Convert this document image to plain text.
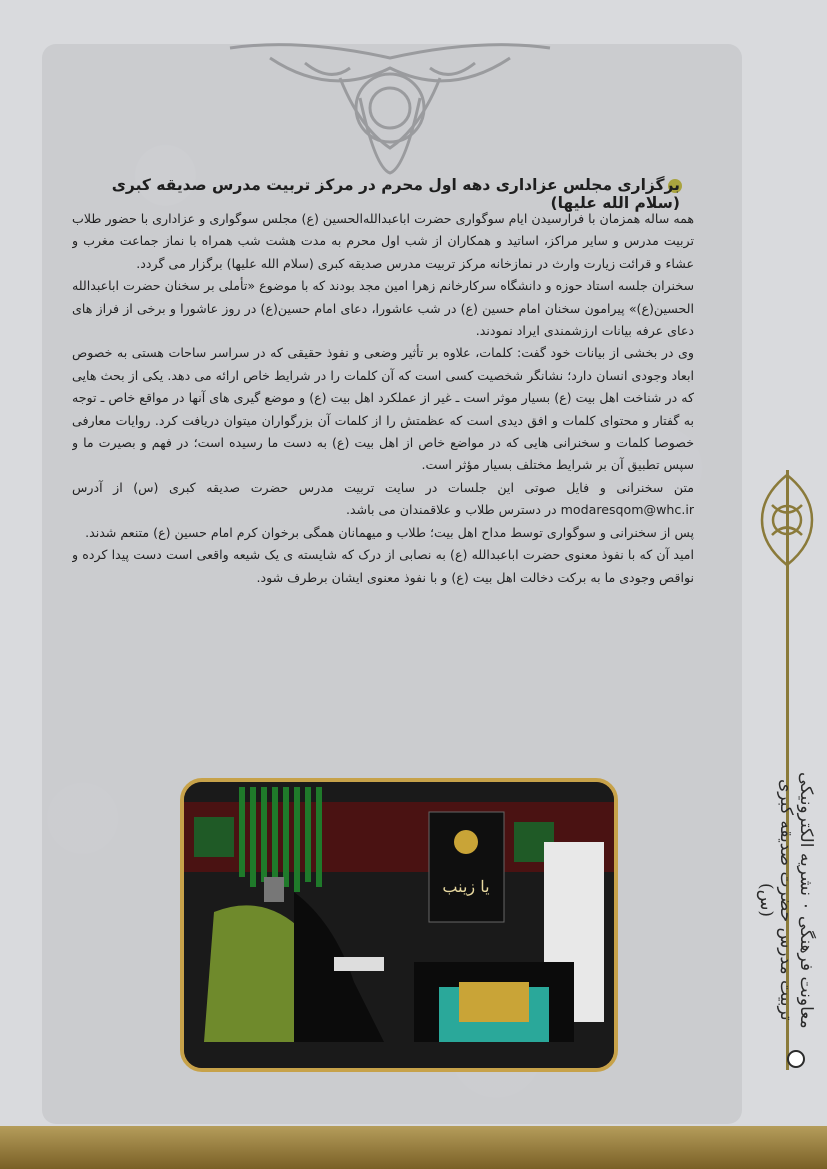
معاونت فرهنگی ۰ نشریه الکترونیکی تربیت مدرس حضرت صدیقه کبری (س)
برگزاری مجلس عزاداری دهه اول محرم در مرکز تربیت مدرس صدیقه کبری (سلام الله علیها)

همه ساله همزمان با فرارسیدن ایام سوگواری حضرت اباعبدالله‌الحسین (ع) مجلس سوگواری و عزاداری با حضور طلاب تربیت مدرس و سایر مراکز، اساتید و همکاران از شب اول محرم به مدت هشت شب همراه با نماز جماعت مغرب و عشاء و قرائت زیارت وارث در نمازخانه مرکز تربیت مدرس صدیقه کبری (سلام الله علیها) برگزار می گردد.

سخنران جلسه استاد حوزه و دانشگاه سرکارخانم زهرا امین مجد بودند که با موضوع «تأملی بر سخنان حضرت اباعبدالله الحسین(ع)» پیرامون سخنان امام حسین (ع) در شب عاشورا، دعای امام حسین(ع) در روز عاشورا و برخی از فراز های دعای عرفه بیانات ارزشمندی ایراد نمودند.

وی در بخشی از بیانات خود گفت: کلمات، علاوه بر تأثیر وضعی و نفوذ حقیقی که در سراسر ساحات هستی به خصوص ابعاد وجودی انسان دارد؛ نشانگر شخصیت کسی است که آن کلمات را در شرایط خاص ارائه می دهد. یکی از بحث هایی که در شناخت اهل بیت (ع) بسیار موثر است ـ غیر از عملکرد اهل بیت (ع) و موضع گیری های آنها در مواقع خاص ـ توجه به گفتار و محتوای کلمات و افق دیدی است که عظمتش را از کلمات آن بزرگواران میتوان دریافت کرد. روایات معارفی خصوصا کلمات و سخنرانی هایی که در مواضع خاص از اهل بیت (ع) به دست ما رسیده است؛ در فهم و بصیرت ما و سپس تطبیق آن بر شرایط مختلف بسیار مؤثر است.

متن سخنرانی و فایل صوتی این جلسات در سایت تربیت مدرس حضرت صدیقه کبری (س) از آدرس modaresqom@whc.ir در دسترس طلاب و علاقمندان می باشد.

پس از سخنرانی و سوگواری توسط مداح اهل بیت؛ طلاب و میهمانان همگی برخوان کرم امام حسین (ع) متنعم شدند.

امید آن که با نفوذ معنوی حضرت اباعبدالله (ع) به نصابی از درک که شایسته ی یک شیعه واقعی است دست پیدا کرده و نواقص وجودی ما به برکت دخالت اهل بیت (ع) و با نفوذ معنوی ایشان برطرف شود.

یا زینب
